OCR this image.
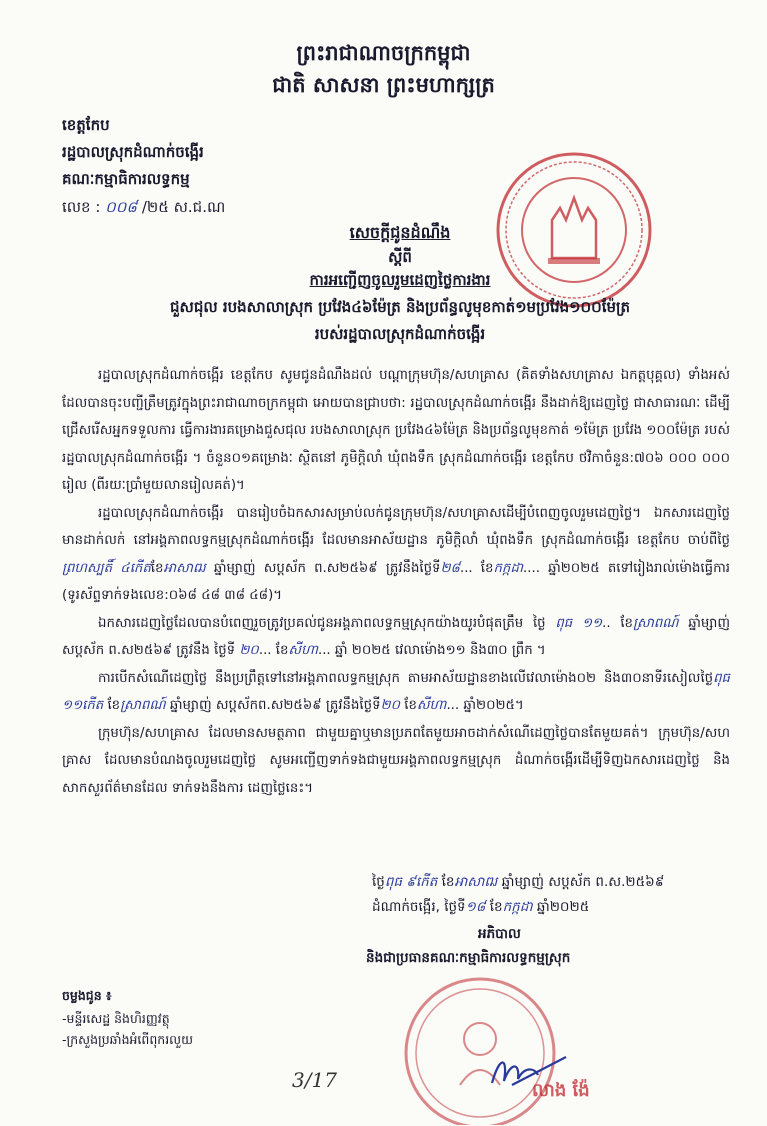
ព្រះរាជាណាចក្រកម្ពុជា
ជាតិ សាសនា ព្រះមហាក្សត្រ
ខេត្តកែប
រដ្ឋបាលស្រុកដំណាក់ចង្អើរ
គណៈកម្មាធិការលទ្ធកម្ម
លេខ : ០០៨ /២៥ ស.ជ.ណ
សេចក្តីជូនដំណឹង
ស្តីពី
ការអញ្ជើញចូលរួមដេញថ្លៃការងារ
ជួសជុល របងសាលាស្រុក ប្រវែង៤៦ម៉ែត្រ និងប្រព័ន្ធលូមុខកាត់១មប្រវែង១០០ម៉ែត្រ
របស់រដ្ឋបាលស្រុកដំណាក់ចង្អើរ

រដ្ឋបាលស្រុកដំណាក់ចង្អើរ ខេត្តកែប សូមជូនដំណឹងដល់ បណ្តាក្រុមហ៊ុន/សហគ្រាស (គិតទាំងសហគ្រាស ឯកត្តបុគ្គល) ទាំងអស់ ដែលបានចុះបញ្ជីត្រឹមត្រូវក្នុងព្រះរាជាណាចក្រកម្ពុជា អោយបានជ្រាបថា: រដ្ឋបាលស្រុកដំណាក់ចង្អើរ នឹងដាក់ឱ្យដេញថ្លៃ ជាសាធារណៈ ដើម្បីជ្រើសរើសអ្នកទទួលការ ធ្វើការងារគម្រោងជួសជុល របងសាលាស្រុក ប្រវែង៤៦ម៉ែត្រ និងប្រព័ន្ធលូមុខកាត់ ១ម៉ែត្រ ប្រវែង ១០០ម៉ែត្រ របស់រដ្ឋបាលស្រុកដំណាក់ចង្អើរ ។ ចំនួន០១គម្រោងៈ ស្ថិតនៅ ភូមិក្ដិលាំ ឃុំពងទឹក ស្រុកដំណាក់ចង្អើរ ខេត្តកែប ថវិកាចំនួន:៧០៦ ០០០ ០០០ រៀល (ពីរយៈប្រាំមួយលានរៀលគត់)។

រដ្ឋបាលស្រុកដំណាក់ចង្អើរ បានរៀបចំឯកសារសម្រាប់លក់ជូនក្រុមហ៊ុន/សហគ្រាសដើម្បីបំពេញចូលរួមដេញថ្លៃ។ ឯកសារដេញថ្លៃមានដាក់លក់ នៅអង្គភាពលទ្ធកម្មស្រុកដំណាក់ចង្អើរ ដែលមានអាស័យដ្ឋាន ភូមិក្ដិលាំ ឃុំពងទឹក ស្រុកដំណាក់ចង្អើរ ខេត្តកែប ចាប់ពីថ្ងៃព្រហស្បតិ៍ ៤កើតខែអាសាឍ ឆ្នាំម្សាញ់ សប្តស័ក ព.ស២៥៦៩ ត្រូវនឹងថ្ងៃទី២៨... ខែកក្កដា.... ឆ្នាំ២០២៥ តទៅរៀងរាល់ម៉ោងធ្វើការ (ទូរស័ព្ទទាក់ទងលេខ:០៦៨ ៤៨ ៣៨ ៤៨)។

ឯកសារដេញថ្លៃដែលបានបំពេញរួចត្រូវប្រគល់ជូនអង្គភាពលទ្ធកម្មស្រុកយ៉ាងយូរបំផុតត្រឹម ថ្ងៃ ពុធ ១១.. ខែស្រាពណ៍ ឆ្នាំម្សាញ់ សប្តស័ក ព.ស២៥៦៩ ត្រូវនឹង ថ្ងៃទី ២០... ខែសីហា... ឆ្នាំ ២០២៥ វេលាម៉ោង១១ និង៣០ ព្រឹក ។

ការបើកសំណើដេញថ្លៃ នឹងប្រព្រឹត្តទៅនៅអង្គភាពលទ្ធកម្មស្រុក តាមអាស័យដ្ឋានខាងលើវេលាម៉ោង០២ និង៣០នាទីរសៀលថ្ងៃពុធ ១១កើត ខែស្រាពណ៍ ឆ្នាំម្សាញ់ សប្តស័កព.ស២៥៦៩ ត្រូវនឹងថ្ងៃទី២០ ខែសីហា... ឆ្នាំ២០២៥។

ក្រុមហ៊ុន/សហគ្រាស ដែលមានសមត្ថភាព ជាមួយគ្នាឬមានប្រភពតែមួយអាចដាក់សំណើដេញថ្លៃបានតែមួយគត់។ ក្រុមហ៊ុន/សហគ្រាស ដែលមានបំណងចូលរួមដេញថ្លៃ សូមអញ្ជើញទាក់ទងជាមួយអង្គភាពលទ្ធកម្មស្រុក ដំណាក់ចង្អើរដើម្បីទិញឯកសារដេញថ្លៃ និងសាកសួរព័ត៌មានដែល ទាក់ទងនឹងការ ដេញថ្លៃនេះ។

ថ្ងៃពុធ ៩កើត ខែអាសាឍ ឆ្នាំម្សាញ់ សប្តស័ក ព.ស.២៥៦៩
ដំណាក់ចង្អើរ, ថ្ងៃទី១៨ ខែកក្កដា ឆ្នាំ២០២៥
អភិបាល
និងជាប្រធានគណៈកម្មាធិការលទ្ធកម្មស្រុក
លាង ង៉ែ
ចម្លងជូន ៖
-មន្ទីរសេដ្ឋ និងហិរញ្ញវត្ថុ
-ក្រសួងប្រឆាំងអំពើពុករលួយ
3/17
